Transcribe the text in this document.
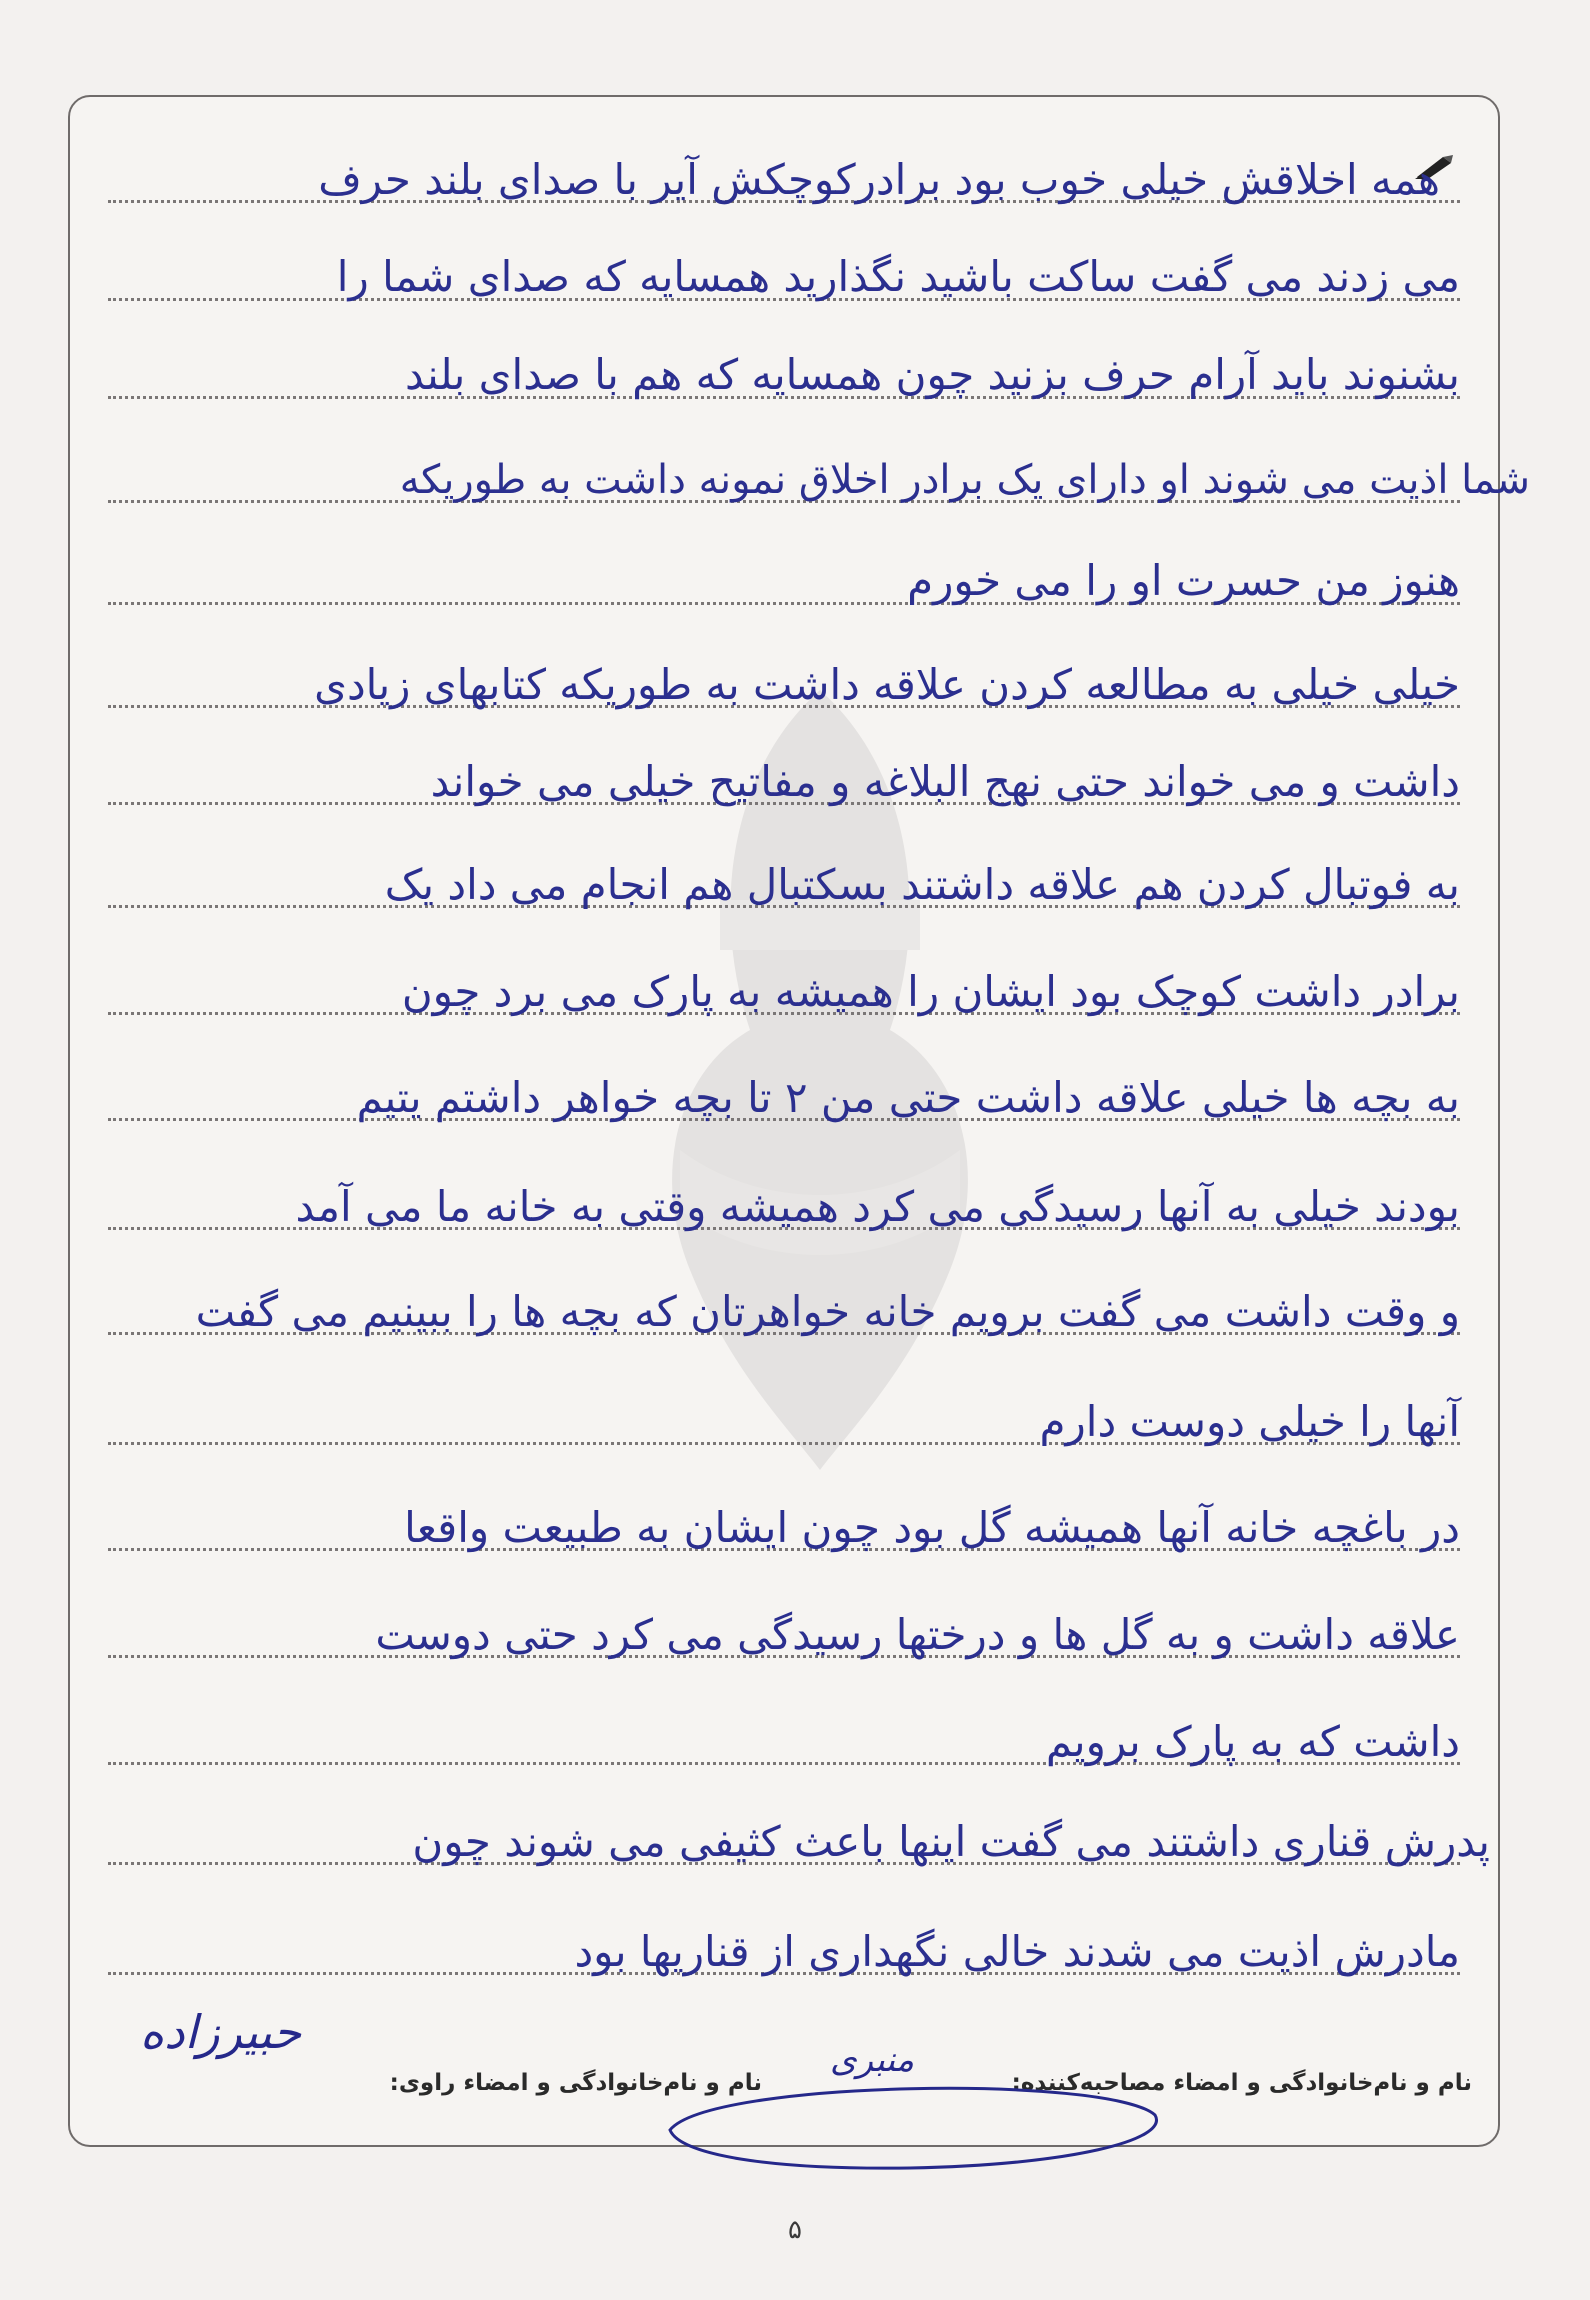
همه اخلاقش خیلی خوب بود برادرکوچکش آیر با صدای بلند حرف
می زدند می گفت ساکت باشید نگذارید همسایه که صدای شما را
بشنوند باید آرام حرف بزنید چون همسایه که هم با صدای بلند
شما اذیت می شوند او دارای یک برادر اخلاق نمونه داشت به طوریکه
هنوز من حسرت او را می خورم
خیلی خیلی به مطالعه کردن علاقه داشت به طوریکه کتابهای زیادی
داشت و می خواند حتی نهج البلاغه و مفاتیح خیلی می خواند
به فوتبال کردن هم علاقه داشتند بسکتبال هم انجام می داد یک
برادر داشت کوچک بود ایشان را همیشه به پارک می برد چون
به بچه ها خیلی علاقه داشت حتی من ۲ تا بچه خواهر داشتم یتیم
بودند خیلی به آنها رسیدگی می کرد همیشه وقتی به خانه ما می آمد
و وقت داشت می گفت برویم خانه خواهرتان که بچه ها را ببینیم می گفت
آنها را خیلی دوست دارم
در باغچه خانه آنها همیشه گل بود چون ایشان به طبیعت واقعا
علاقه داشت و به گل ها و درختها رسیدگی می کرد حتی دوست
داشت که به پارک برویم
پدرش قناری داشتند می گفت اینها باعث کثیفی می شوند چون
مادرش اذیت می شدند خالی نگهداری از قناریها بود
نام و نام‌خانوادگی و امضاء مصاحبه‌کننده:
نام و نام‌خانوادگی و امضاء راوی:
منبری
حبیرزاده
۵
